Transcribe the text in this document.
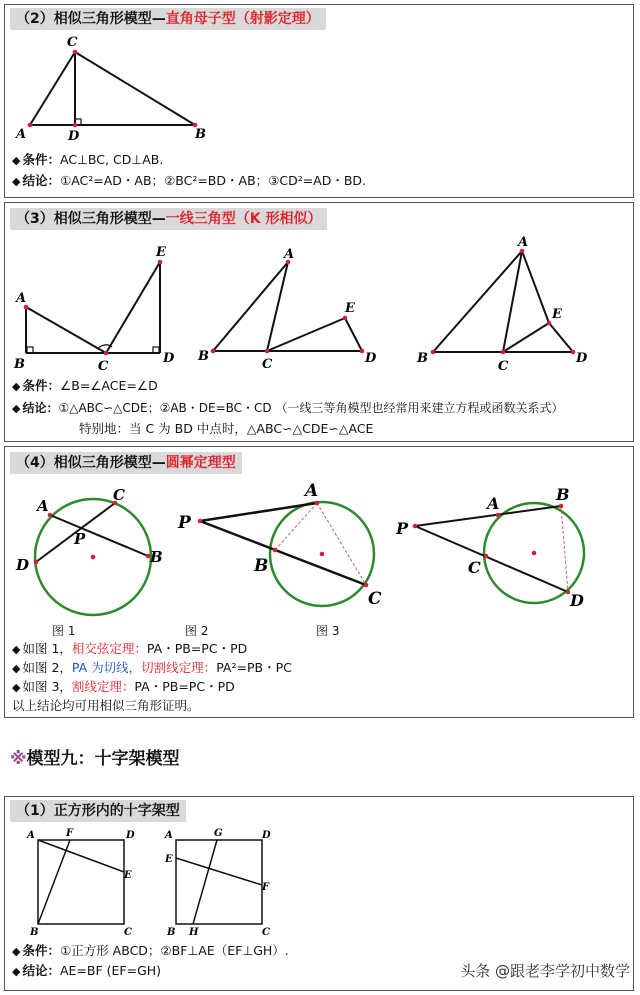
（2）相似三角形模型—直角母子型（射影定理）
A
C
D	B
◆ 条件：AC⊥BC, CD⊥AB.
◆ 结论：①AC²=AD・AB；②BC²=BD・AB；③CD²=AD・BD.
（3）相似三角形模型—一线三角型（K 形相似）
A
B	C
D
E	A
B
C	D
E
A
B
C
D
E
◆ 条件：∠B=∠ACE=∠D
◆ 结论：①△ABC∽△CDE；②AB・DE=BC・CD （一线三等角模型也经常用来建立方程或函数关系式）
特别地：当 C 为 BD 中点时，△ABC∽△CDE∽△ACE
（4）相似三角形模型—圆幂定理型
A
C
B
D
P
P
A
B
C
P
A	B
C
D
图 1	图 2	图 3
◆ 如图 1，相交弦定理：PA・PB=PC・PD
◆ 如图 2，PA 为切线，切割线定理：PA²=PB・PC
◆ 如图 3，割线定理：PA・PB=PC・PD
以上结论均可用相似三角形证明。
※模型九：十字架模型
（1）正方形内的十字架型
A	F	D
E
B	C
A	G	D
E
F
B H	C
◆ 条件：①正方形 ABCD；②BF⊥AE（EF⊥GH）.
◆ 结论：AE=BF (EF=GH)	头条 @跟老李学初中数学
